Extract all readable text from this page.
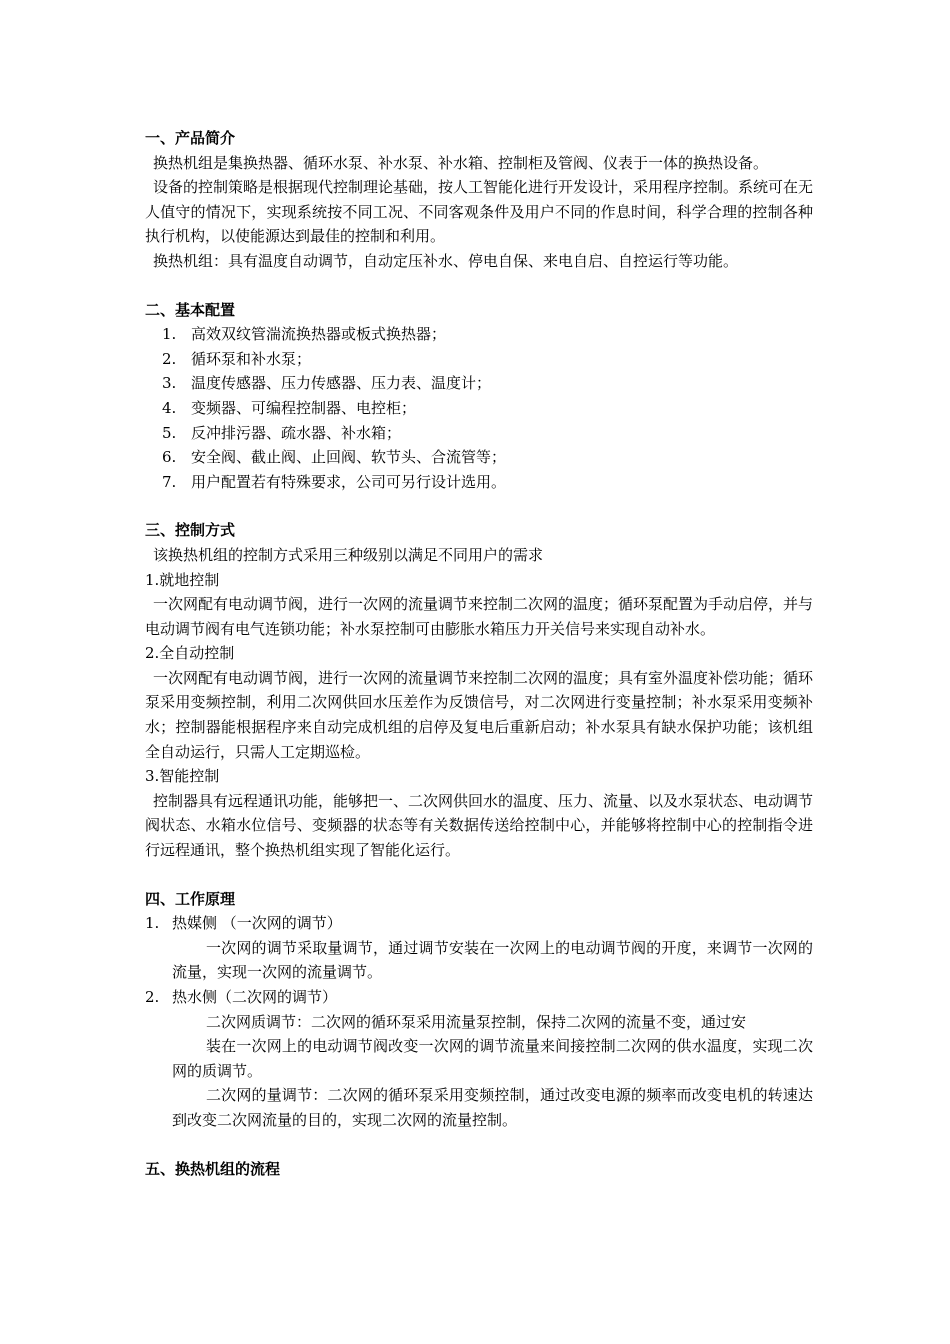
一、产品简介

换热机组是集换热器、循环水泵、补水泵、补水箱、控制柜及管阀、仪表于一体的换热设备。

设备的控制策略是根据现代控制理论基础，按人工智能化进行开发设计，采用程序控制。系统可在无人值守的情况下，实现系统按不同工况、不同客观条件及用户不同的作息时间，科学合理的控制各种执行机构，以使能源达到最佳的控制和利用。

换热机组：具有温度自动调节，自动定压补水、停电自保、来电自启、自控运行等功能。

二、基本配置

1. 高效双纹管湍流换热器或板式换热器；

2. 循环泵和补水泵；

3. 温度传感器、压力传感器、压力表、温度计；

4. 变频器、可编程控制器、电控柜；

5. 反冲排污器、疏水器、补水箱；

6. 安全阀、截止阀、止回阀、软节头、合流管等；

7. 用户配置若有特殊要求，公司可另行设计选用。

三、控制方式

该换热机组的控制方式采用三种级别以满足不同用户的需求

1.就地控制

一次网配有电动调节阀，进行一次网的流量调节来控制二次网的温度；循环泵配置为手动启停，并与电动调节阀有电气连锁功能；补水泵控制可由膨胀水箱压力开关信号来实现自动补水。

2.全自动控制

一次网配有电动调节阀，进行一次网的流量调节来控制二次网的温度；具有室外温度补偿功能；循环泵采用变频控制，利用二次网供回水压差作为反馈信号，对二次网进行变量控制；补水泵采用变频补水；控制器能根据程序来自动完成机组的启停及复电后重新启动；补水泵具有缺水保护功能；该机组全自动运行，只需人工定期巡检。

3.智能控制

控制器具有远程通讯功能，能够把一、二次网供回水的温度、压力、流量、以及水泵状态、电动调节阀状态、水箱水位信号、变频器的状态等有关数据传送给控制中心，并能够将控制中心的控制指令进行远程通讯，整个换热机组实现了智能化运行。

四、工作原理

1. 热媒侧 （一次网的调节）

一次网的调节采取量调节，通过调节安装在一次网上的电动调节阀的开度，来调节一次网的流量，实现一次网的流量调节。

2. 热水侧（二次网的调节）

二次网质调节：二次网的循环泵采用流量泵控制，保持二次网的流量不变，通过安

装在一次网上的电动调节阀改变一次网的调节流量来间接控制二次网的供水温度，实现二次网的质调节。

二次网的量调节：二次网的循环泵采用变频控制，通过改变电源的频率而改变电机的转速达到改变二次网流量的目的，实现二次网的流量控制。

五、换热机组的流程
